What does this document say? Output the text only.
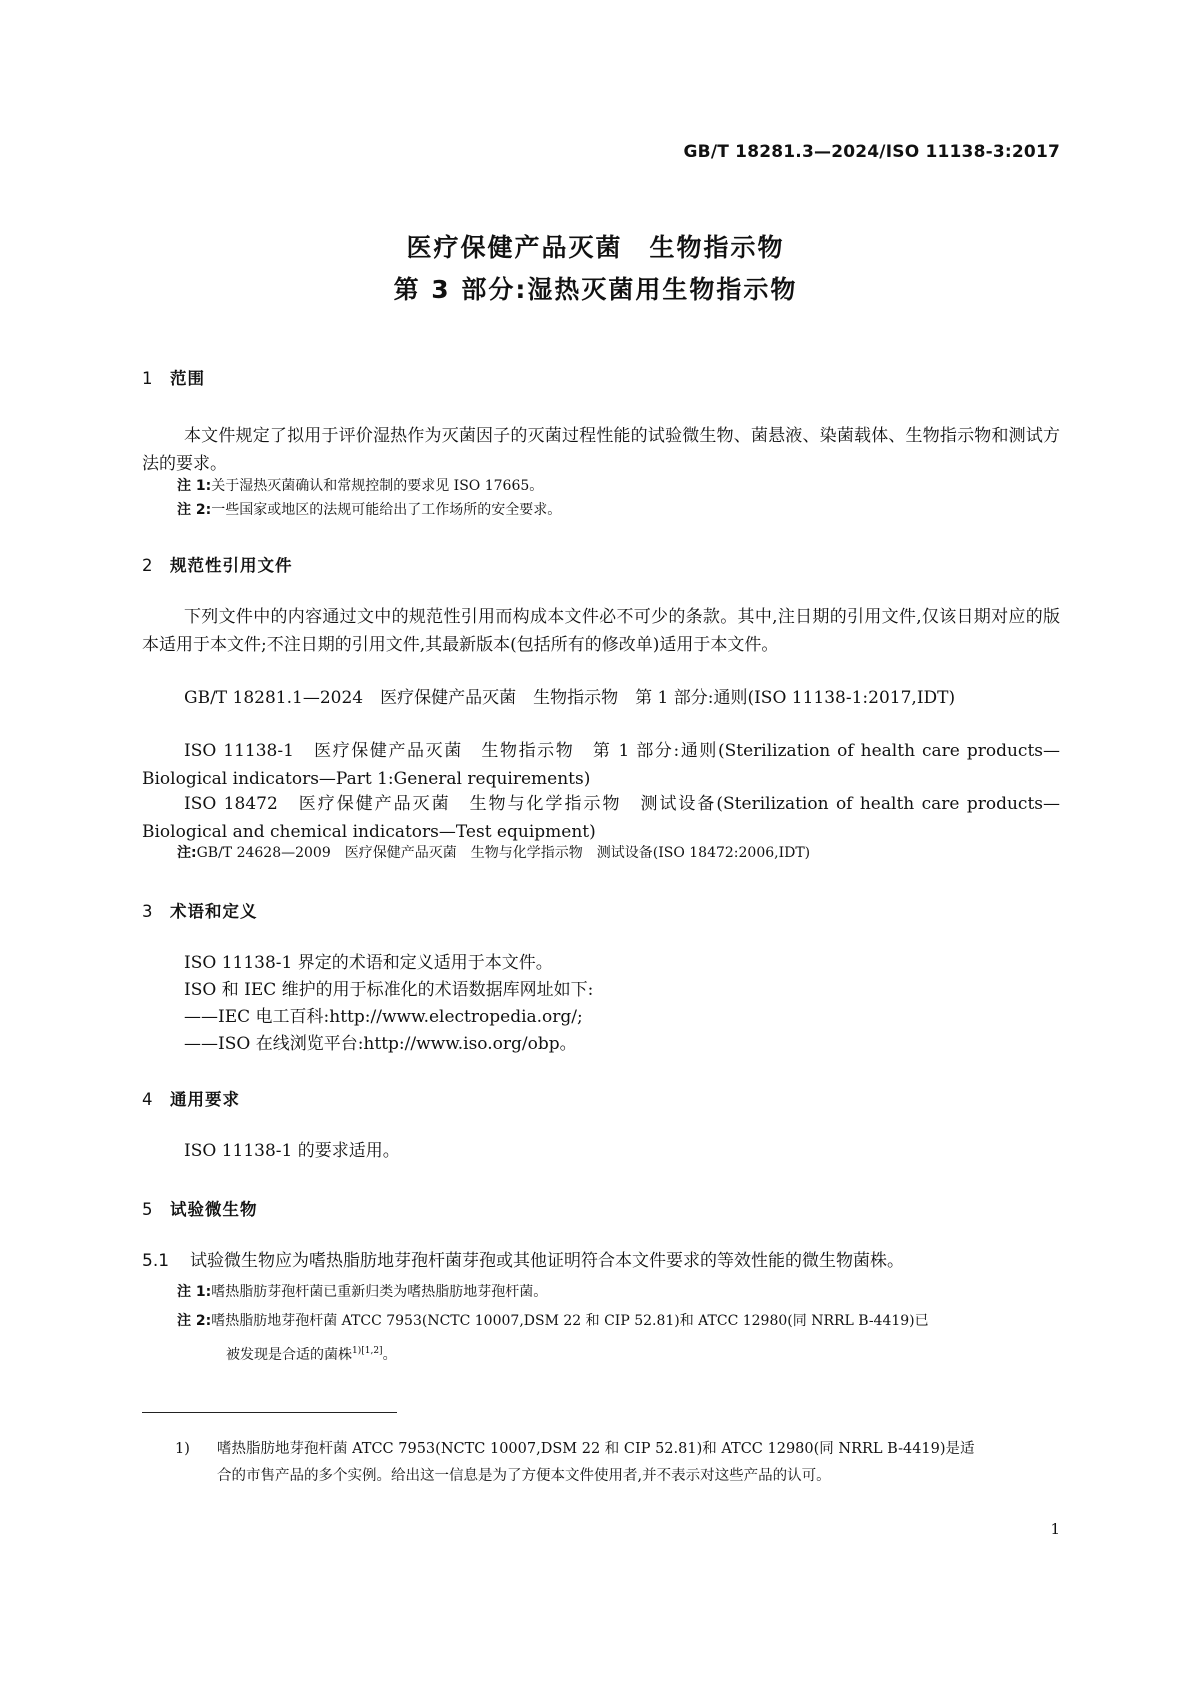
GB/T 18281.3—2024/ISO 11138-3:2017
医疗保健产品灭菌　生物指示物
第 3 部分:湿热灭菌用生物指示物
1 范围
本文件规定了拟用于评价湿热作为灭菌因子的灭菌过程性能的试验微生物、菌悬液、染菌载体、生物指示物和测试方法的要求。
注 1:关于湿热灭菌确认和常规控制的要求见 ISO 17665。
注 2:一些国家或地区的法规可能给出了工作场所的安全要求。
2 规范性引用文件
下列文件中的内容通过文中的规范性引用而构成本文件必不可少的条款。其中,注日期的引用文件,仅该日期对应的版本适用于本文件;不注日期的引用文件,其最新版本(包括所有的修改单)适用于本文件。
GB/T 18281.1—2024　医疗保健产品灭菌　生物指示物　第 1 部分:通则(ISO 11138-1:2017,IDT)
ISO 11138-1　医疗保健产品灭菌　生物指示物　第 1 部分:通则(Sterilization of health care products—Biological indicators—Part 1:General requirements)
ISO 18472　医疗保健产品灭菌　生物与化学指示物　测试设备(Sterilization of health care products—Biological and chemical indicators—Test equipment)
注:GB/T 24628—2009　医疗保健产品灭菌　生物与化学指示物　测试设备(ISO 18472:2006,IDT)
3 术语和定义
ISO 11138-1 界定的术语和定义适用于本文件。
ISO 和 IEC 维护的用于标准化的术语数据库网址如下:
——IEC 电工百科:http://www.electropedia.org/;
——ISO 在线浏览平台:http://www.iso.org/obp。
4 通用要求
ISO 11138-1 的要求适用。
5 试验微生物
5.1 试验微生物应为嗜热脂肪地芽孢杆菌芽孢或其他证明符合本文件要求的等效性能的微生物菌株。
注 1:嗜热脂肪芽孢杆菌已重新归类为嗜热脂肪地芽孢杆菌。
注 2:嗜热脂肪地芽孢杆菌 ATCC 7953(NCTC 10007,DSM 22 和 CIP 52.81)和 ATCC 12980(同 NRRL B-4419)已
被发现是合适的菌株$^{1)[1,2]}$。
1) 嗜热脂肪地芽孢杆菌 ATCC 7953(NCTC 10007,DSM 22 和 CIP 52.81)和 ATCC 12980(同 NRRL B-4419)是适
合的市售产品的多个实例。给出这一信息是为了方便本文件使用者,并不表示对这些产品的认可。
1
